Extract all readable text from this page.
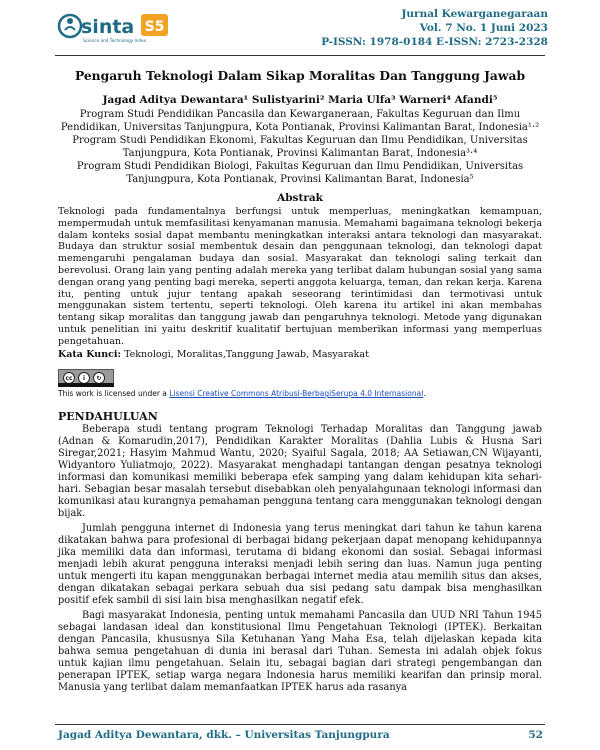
sinta S5
Science and Technology Index
Jurnal Kewarganegaraan
Vol. 7 No. 1 Juni 2023
P-ISSN: 1978-0184 E-ISSN: 2723-2328
Pengaruh Teknologi Dalam Sikap Moralitas Dan Tanggung Jawab
Jagad Aditya Dewantara¹ Sulistyarini² Maria Ulfa³ Warneri⁴ Afandi⁵
Program Studi Pendidikan Pancasila dan Kewarganeraan, Fakultas Keguruan dan Ilmu Pendidikan, Universitas Tanjungpura, Kota Pontianak, Provinsi Kalimantan Barat, Indonesia¹·²
Program Studi Pendidikan Ekonomi, Fakultas Keguruan dan Ilmu Pendidikan, Universitas Tanjungpura, Kota Pontianak, Provinsi Kalimantan Barat, Indonesia³·⁴
Program Studi Pendidikan Biologi, Fakultas Keguruan dan Ilmu Pendidikan, Universitas Tanjungpura, Kota Pontianak, Provinsi Kalimantan Barat, Indonesia⁵
Abstrak
Teknologi pada fundamentalnya berfungsi untuk memperluas, meningkatkan kemampuan, mempermudah untuk memfasilitasi kenyamanan manusia. Memahami bagaimana teknologi bekerja dalam konteks sosial dapat membantu meningkatkan interaksi antara teknologi dan masyarakat. Budaya dan struktur sosial membentuk desain dan penggunaan teknologi, dan teknologi dapat memengaruhi pengalaman budaya dan sosial. Masyarakat dan teknologi saling terkait dan berevolusi. Orang lain yang penting adalah mereka yang terlibat dalam hubungan sosial yang sama dengan orang yang penting bagi mereka, seperti anggota keluarga, teman, dan rekan kerja. Karena itu, penting untuk jujur tentang apakah seseorang terintimidasi dan termotivasi untuk menggunakan sistem tertentu, seperti teknologi. Oleh karena itu artikel ini akan membahas tentang sikap moralitas dan tanggung jawab dan pengaruhnya teknologi. Metode yang digunakan untuk penelitian ini yaitu deskritif kualitatif bertujuan memberikan informasi yang memperluas pengetahuan.
Kata Kunci: Teknologi, Moralitas,Tanggung Jawab, Masyarakat
cc	i	↻
This work is licensed under a Lisensi Creative Commons Atribusi-BerbagiSerupa 4.0 Internasional.
PENDAHULUAN

Beberapa studi tentang program Teknologi Terhadap Moralitas dan Tanggung jawab (Adnan & Komarudin,2017), Pendidikan Karakter Moralitas (Dahlia Lubis & Husna Sari Siregar,2021; Hasyim Mahmud Wantu, 2020; Syaiful Sagala, 2018; AA Setiawan,CN Wijayanti, Widyantoro Yuliatmojo, 2022). Masyarakat menghadapi tantangan dengan pesatnya teknologi informasi dan komunikasi memiliki beberapa efek samping yang dalam kehidupan kita sehari-hari. Sebagian besar masalah tersebut disebabkan oleh penyalahgunaan teknologi informasi dan komunikasi atau kurangnya pemahaman pengguna tentang cara menggunakan teknologi dengan bijak.

Jumlah pengguna internet di Indonesia yang terus meningkat dari tahun ke tahun karena dikatakan bahwa para profesional di berbagai bidang pekerjaan dapat menopang kehidupannya jika memiliki data dan informasi, terutama di bidang ekonomi dan sosial. Sebagai informasi menjadi lebih akurat pengguna interaksi menjadi lebih sering dan luas. Namun juga penting untuk mengerti itu kapan menggunakan berbagai internet media atau memilih situs dan akses, dengan dikatakan sebagai perkara sebuah dua sisi pedang satu dampak bisa menghasilkan positif efek sambil di sisi lain bisa menghasilkan negatif efek.

Bagi masyarakat Indonesia, penting untuk memahami Pancasila dan UUD NRI Tahun 1945 sebagai landasan ideal dan konstitusional Ilmu Pengetahuan Teknologi (IPTEK). Berkaitan dengan Pancasila, khususnya Sila Ketuhanan Yang Maha Esa, telah dijelaskan kepada kita bahwa semua pengetahuan di dunia ini berasal dari Tuhan. Semesta ini adalah objek fokus untuk kajian ilmu pengetahuan. Selain itu, sebagai bagian dari strategi pengembangan dan penerapan IPTEK, setiap warga negara Indonesia harus memiliki kearifan dan prinsip moral. Manusia yang terlibat dalam memanfaatkan IPTEK harus ada rasanya

Jagad Aditya Dewantara, dkk. – Universitas Tanjungpura	52
